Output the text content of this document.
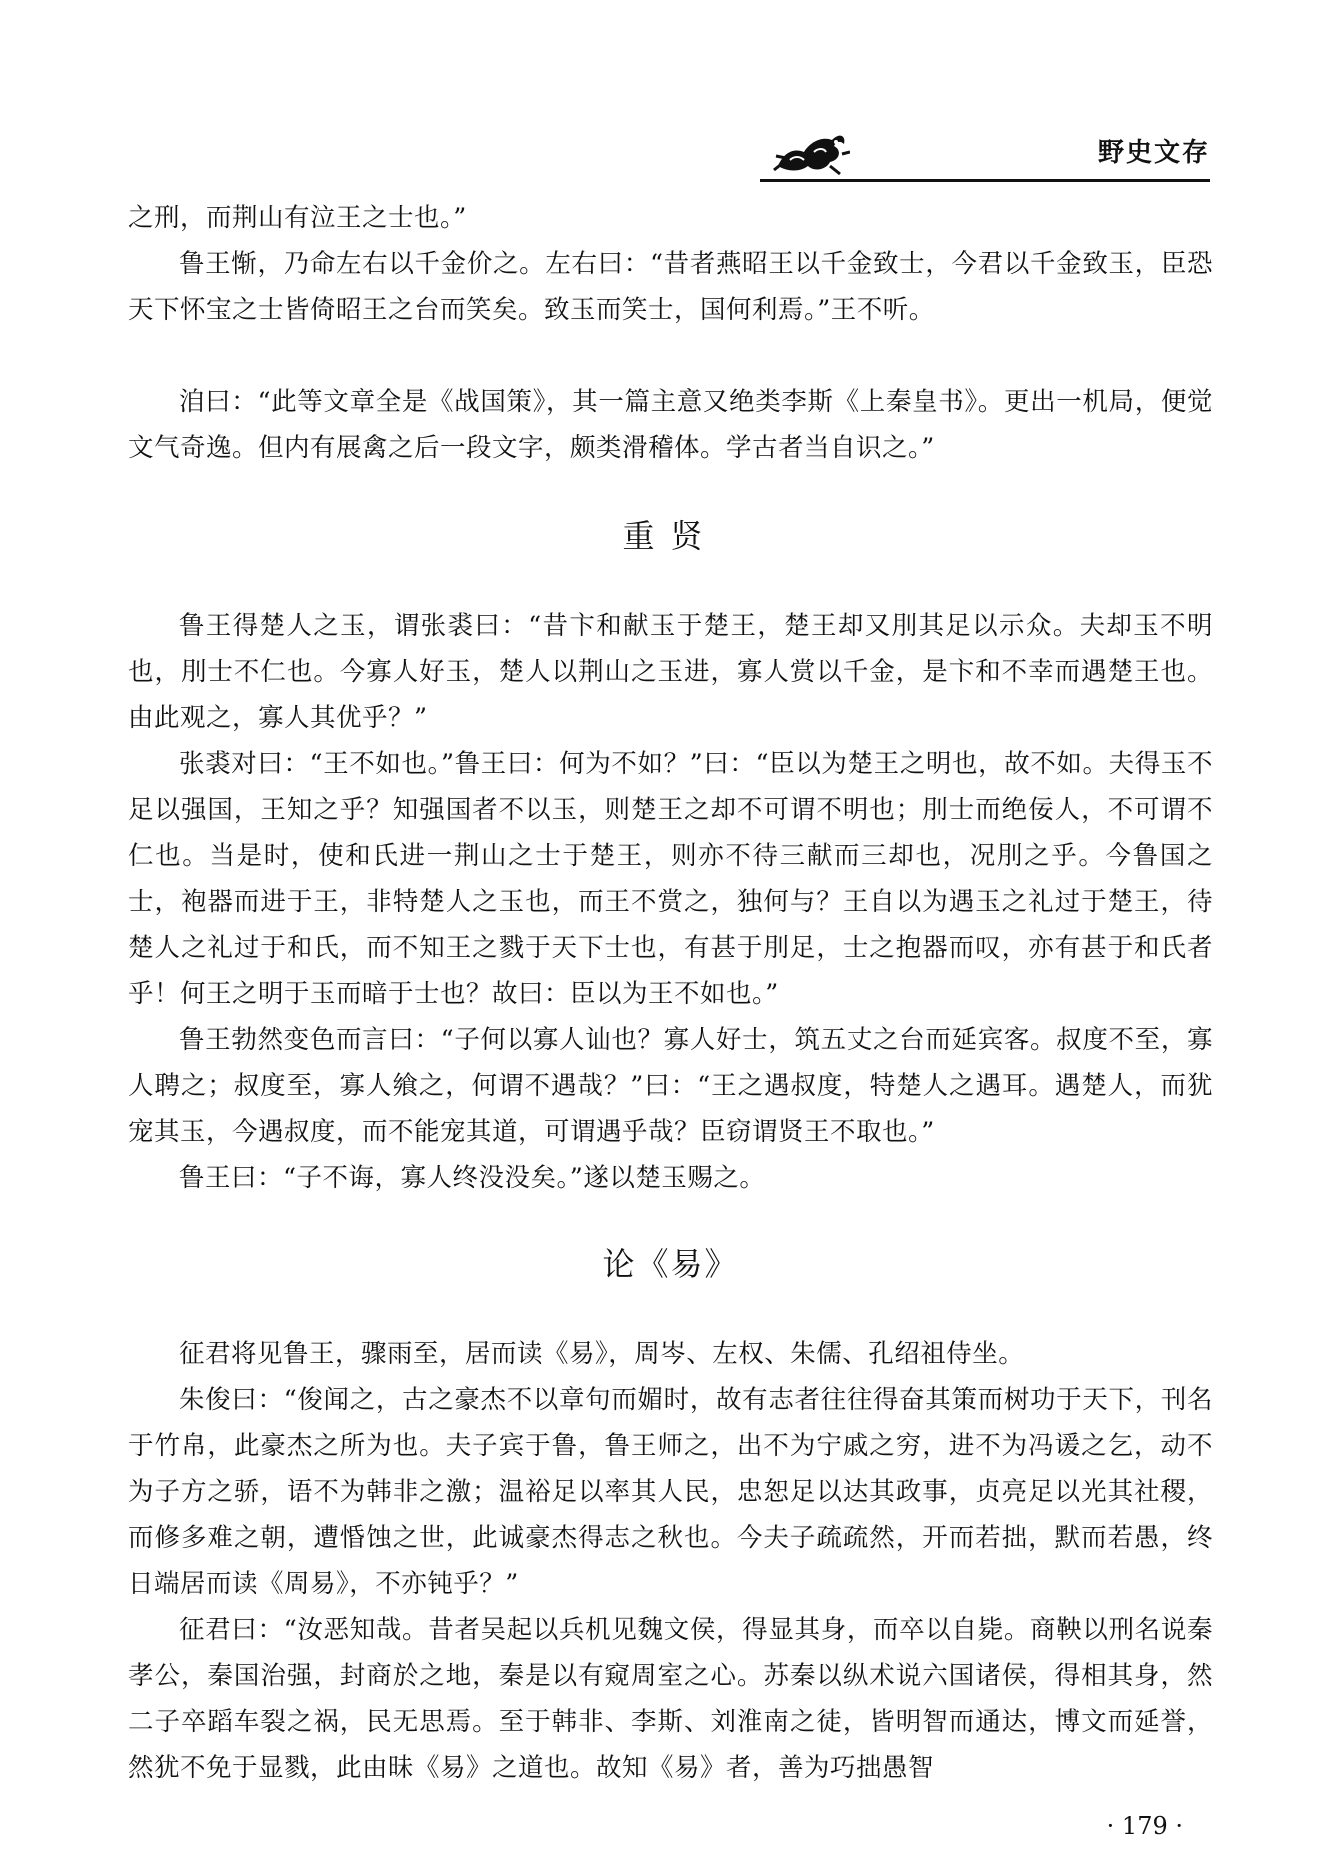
野史文存

之刑，而荆山有泣王之士也。”

鲁王惭，乃命左右以千金价之。左右曰：“昔者燕昭王以千金致士，今君以千金致玉，臣恐天下怀宝之士皆倚昭王之台而笑矣。致玉而笑士，国何利焉。”王不听。

洎曰：“此等文章全是《战国策》，其一篇主意又绝类李斯《上秦皇书》。更出一机局，便觉文气奇逸。但内有展禽之后一段文字，颇类滑稽体。学古者当自识之。”

重贤

鲁王得楚人之玉，谓张裘曰：“昔卞和献玉于楚王，楚王却又刖其足以示众。夫却玉不明也，刖士不仁也。今寡人好玉，楚人以荆山之玉进，寡人赏以千金，是卞和不幸而遇楚王也。由此观之，寡人其优乎？”

张裘对曰：“王不如也。”鲁王曰：何为不如？”曰：“臣以为楚王之明也，故不如。夫得玉不足以强国，王知之乎？知强国者不以玉，则楚王之却不可谓不明也；刖士而绝佞人，不可谓不仁也。当是时，使和氏进一荆山之士于楚王，则亦不待三献而三却也，况刖之乎。今鲁国之士，袍器而进于王，非特楚人之玉也，而王不赏之，独何与？王自以为遇玉之礼过于楚王，待楚人之礼过于和氏，而不知王之戮于天下士也，有甚于刖足，士之抱器而叹，亦有甚于和氏者乎！何王之明于玉而暗于士也？故曰：臣以为王不如也。”

鲁王勃然变色而言曰：“子何以寡人讪也？寡人好士，筑五丈之台而延宾客。叔度不至，寡人聘之；叔度至，寡人飨之，何谓不遇哉？”曰：“王之遇叔度，特楚人之遇耳。遇楚人，而犹宠其玉，今遇叔度，而不能宠其道，可谓遇乎哉？臣窃谓贤王不取也。”

鲁王曰：“子不诲，寡人终没没矣。”遂以楚玉赐之。

论《易》

征君将见鲁王，骤雨至，居而读《易》，周岑、左权、朱儒、孔绍祖侍坐。

朱俊曰：“俊闻之，古之豪杰不以章句而媚时，故有志者往往得奋其策而树功于天下，刊名于竹帛，此豪杰之所为也。夫子宾于鲁，鲁王师之，出不为宁戚之穷，进不为冯谖之乞，动不为子方之骄，语不为韩非之激；温裕足以率其人民，忠恕足以达其政事，贞亮足以光其社稷，而修多难之朝，遭惛蚀之世，此诚豪杰得志之秋也。今夫子疏疏然，开而若拙，默而若愚，终日端居而读《周易》，不亦钝乎？”

征君曰：“汝恶知哉。昔者吴起以兵机见魏文侯，得显其身，而卒以自毙。商鞅以刑名说秦孝公，秦国治强，封商於之地，秦是以有窥周室之心。苏秦以纵术说六国诸侯，得相其身，然二子卒蹈车裂之祸，民无思焉。至于韩非、李斯、刘淮南之徒，皆明智而通达，博文而延誉，然犹不免于显戮，此由昧《易》之道也。故知《易》者，善为巧拙愚智

· 179 ·
